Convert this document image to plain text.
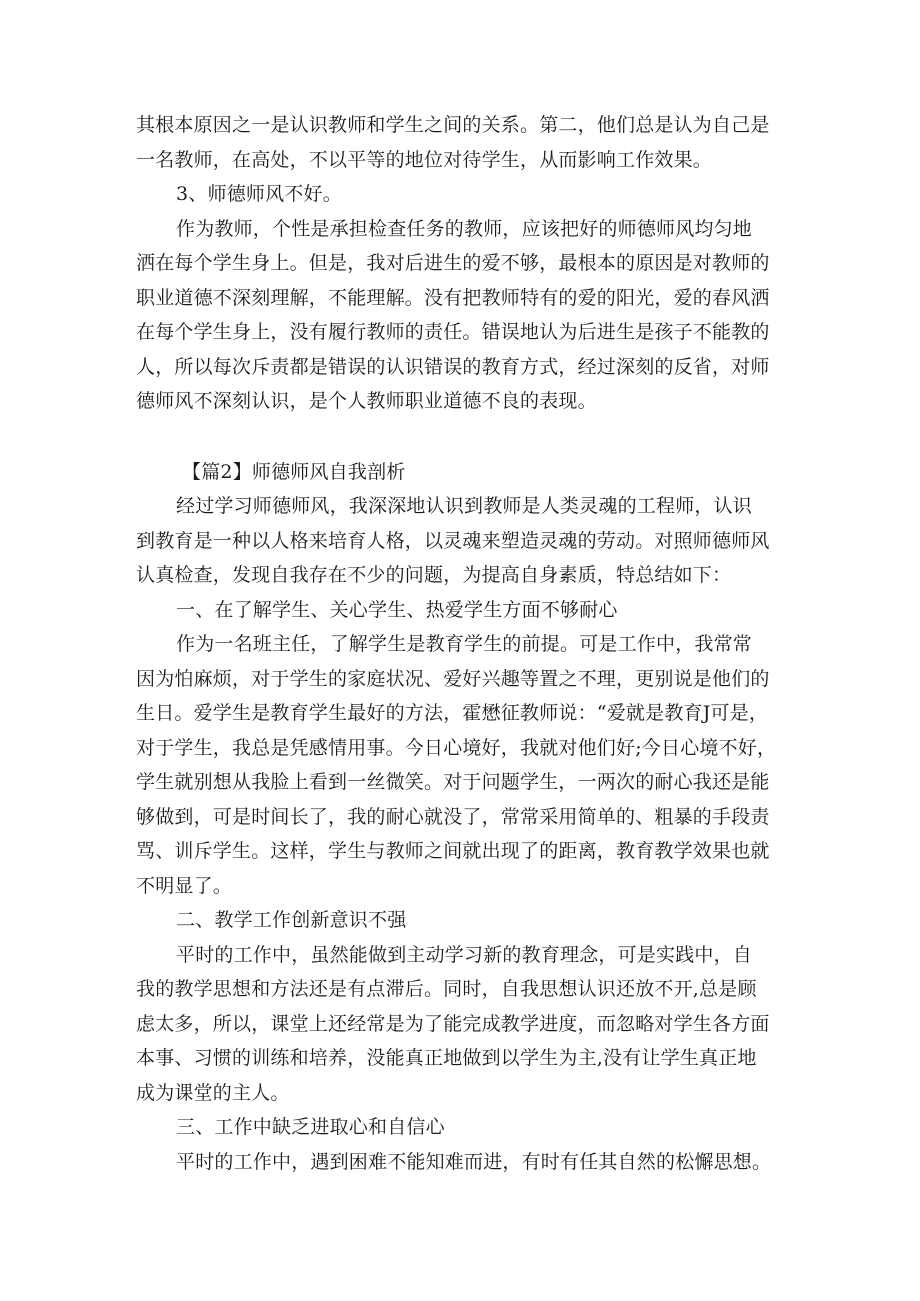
其根本原因之一是认识教师和学生之间的关系。第二，他们总是认为自己是
一名教师，在高处，不以平等的地位对待学生，从而影响工作效果。
3、师德师风不好。
作为教师，个性是承担检查任务的教师，应该把好的师德师风均匀地
洒在每个学生身上。但是，我对后进生的爱不够，最根本的原因是对教师的
职业道德不深刻理解，不能理解。没有把教师特有的爱的阳光，爱的春风洒
在每个学生身上，没有履行教师的责任。错误地认为后进生是孩子不能教的
人，所以每次斥责都是错误的认识错误的教育方式，经过深刻的反省，对师
德师风不深刻认识，是个人教师职业道德不良的表现。
【篇2】师德师风自我剖析
经过学习师德师风，我深深地认识到教师是人类灵魂的工程师，认识
到教育是一种以人格来培育人格，以灵魂来塑造灵魂的劳动。对照师德师风
认真检查，发现自我存在不少的问题，为提高自身素质，特总结如下：
一、在了解学生、关心学生、热爱学生方面不够耐心
作为一名班主任，了解学生是教育学生的前提。可是工作中，我常常
因为怕麻烦，对于学生的家庭状况、爱好兴趣等置之不理，更别说是他们的
生日。爱学生是教育学生最好的方法，霍懋征教师说：“爱就是教育J可是，
对于学生，我总是凭感情用事。今日心境好，我就对他们好;今日心境不好，
学生就别想从我脸上看到一丝微笑。对于问题学生，一两次的耐心我还是能
够做到，可是时间长了，我的耐心就没了，常常采用简单的、粗暴的手段责
骂、训斥学生。这样，学生与教师之间就出现了的距离，教育教学效果也就
不明显了。
二、教学工作创新意识不强
平时的工作中，虽然能做到主动学习新的教育理念，可是实践中，自
我的教学思想和方法还是有点滞后。同时，自我思想认识还放不开,总是顾
虑太多，所以，课堂上还经常是为了能完成教学进度，而忽略对学生各方面
本事、习惯的训练和培养，没能真正地做到以学生为主,没有让学生真正地
成为课堂的主人。
三、工作中缺乏进取心和自信心
平时的工作中，遇到困难不能知难而进，有时有任其自然的松懈思想。
